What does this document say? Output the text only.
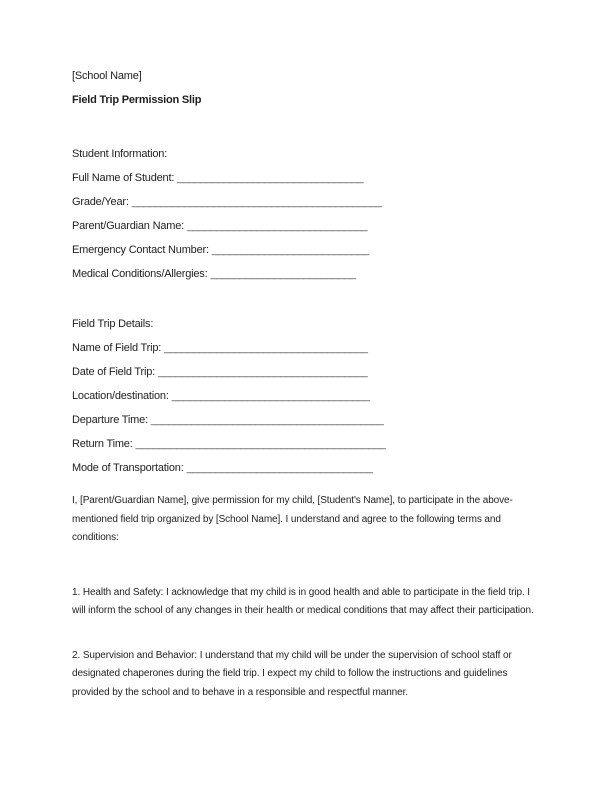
[School Name]

Field Trip Permission Slip

Student Information:

Full Name of Student: ________________________________
Grade/Year: ___________________________________________
Parent/Guardian Name: _______________________________
Emergency Contact Number: ___________________________
Medical Conditions/Allergies: _________________________

Field Trip Details:

Name of Field Trip: ___________________________________
Date of Field Trip: ____________________________________
Location/destination: __________________________________
Departure Time: ________________________________________
Return Time: ___________________________________________
Mode of Transportation: ________________________________

I, [Parent/Guardian Name], give permission for my child, [Student's Name], to participate in the above-mentioned field trip organized by [School Name]. I understand and agree to the following terms and conditions:

1. Health and Safety: I acknowledge that my child is in good health and able to participate in the field trip. I will inform the school of any changes in their health or medical conditions that may affect their participation.

2. Supervision and Behavior: I understand that my child will be under the supervision of school staff or designated chaperones during the field trip. I expect my child to follow the instructions and guidelines provided by the school and to behave in a responsible and respectful manner.
